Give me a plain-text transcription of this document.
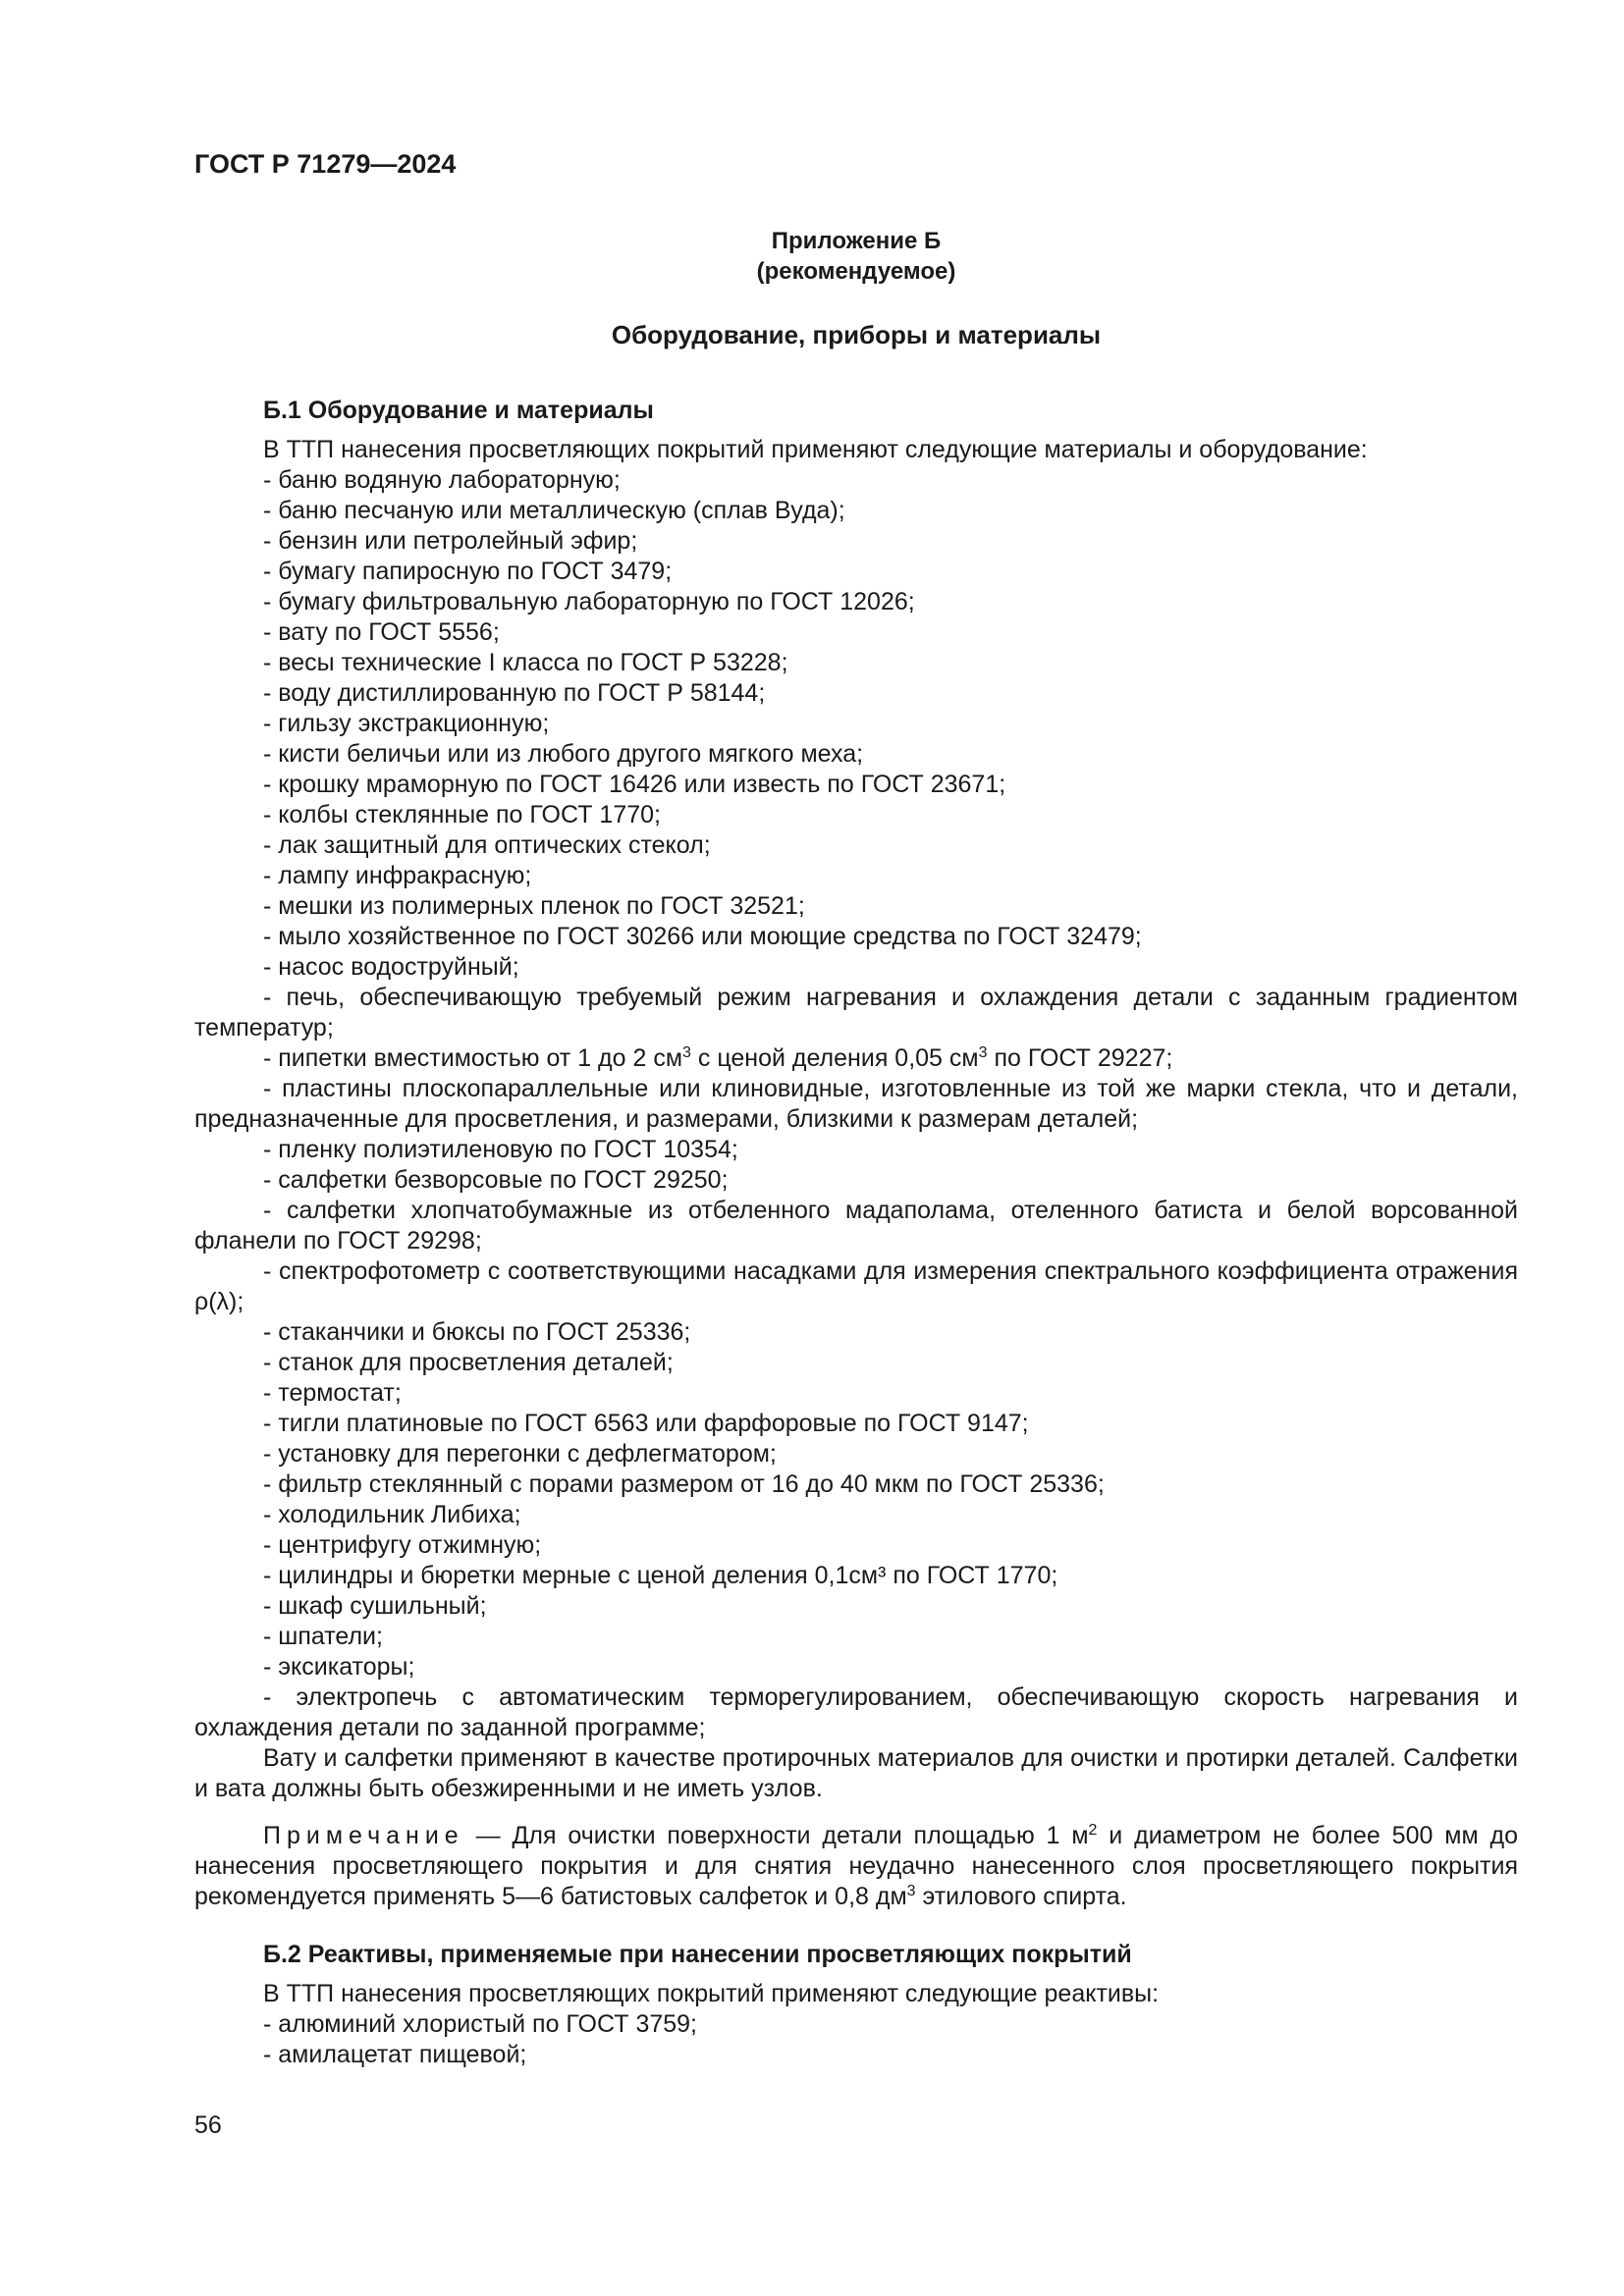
ГОСТ Р 71279—2024
Приложение Б
(рекомендуемое)
Оборудование, приборы и материалы
Б.1 Оборудование и материалы
В ТТП нанесения просветляющих покрытий применяют следующие материалы и оборудование:
- баню водяную лабораторную;
- баню песчаную или металлическую (сплав Вуда);
- бензин или петролейный эфир;
- бумагу папиросную по ГОСТ 3479;
- бумагу фильтровальную лабораторную по ГОСТ 12026;
- вату по ГОСТ 5556;
- весы технические I класса по ГОСТ Р 53228;
- воду дистиллированную по ГОСТ Р 58144;
- гильзу экстракционную;
- кисти беличьи или из любого другого мягкого меха;
- крошку мраморную по ГОСТ 16426 или известь по ГОСТ 23671;
- колбы стеклянные по ГОСТ 1770;
- лак защитный для оптических стекол;
- лампу инфракрасную;
- мешки из полимерных пленок по ГОСТ 32521;
- мыло хозяйственное по ГОСТ 30266 или моющие средства по ГОСТ 32479;
- насос водоструйный;
- печь, обеспечивающую требуемый режим нагревания и охлаждения детали с заданным градиентом температур;
- пипетки вместимостью от 1 до 2 $см^3$ с ценой деления 0,05 $см^3$ по ГОСТ 29227;
- пластины плоскопараллельные или клиновидные, изготовленные из той же марки стекла, что и детали, предназначенные для просветления, и размерами, близкими к размерам деталей;
- пленку полиэтиленовую по ГОСТ 10354;
- салфетки безворсовые по ГОСТ 29250;
- салфетки хлопчатобумажные из отбеленного мадаполама, отеленного батиста и белой ворсованной фланели по ГОСТ 29298;
- спектрофотометр с соответствующими насадками для измерения спектрального коэффициента отражения ρ(λ);
- стаканчики и бюксы по ГОСТ 25336;
- станок для просветления деталей;
- термостат;
- тигли платиновые по ГОСТ 6563 или фарфоровые по ГОСТ 9147;
- установку для перегонки с дефлегматором;
- фильтр стеклянный с порами размером от 16 до 40 мкм по ГОСТ 25336;
- холодильник Либиха;
- центрифугу отжимную;
- цилиндры и бюретки мерные с ценой деления 0,1см³ по ГОСТ 1770;
- шкаф сушильный;
- шпатели;
- эксикаторы;
- электропечь с автоматическим терморегулированием, обеспечивающую скорость нагревания и охлаждения детали по заданной программе;
Вату и салфетки применяют в качестве протирочных материалов для очистки и протирки деталей. Салфетки и вата должны быть обезжиренными и не иметь узлов.
Примечание — Для очистки поверхности детали площадью 1 $м^2$ и диаметром не более 500 мм до нанесения просветляющего покрытия и для снятия неудачно нанесенного слоя просветляющего покрытия рекомендуется применять 5—6 батистовых салфеток и 0,8 $дм^3$ этилового спирта.
Б.2 Реактивы, применяемые при нанесении просветляющих покрытий
В ТТП нанесения просветляющих покрытий применяют следующие реактивы:
- алюминий хлористый по ГОСТ 3759;
- амилацетат пищевой;
56
